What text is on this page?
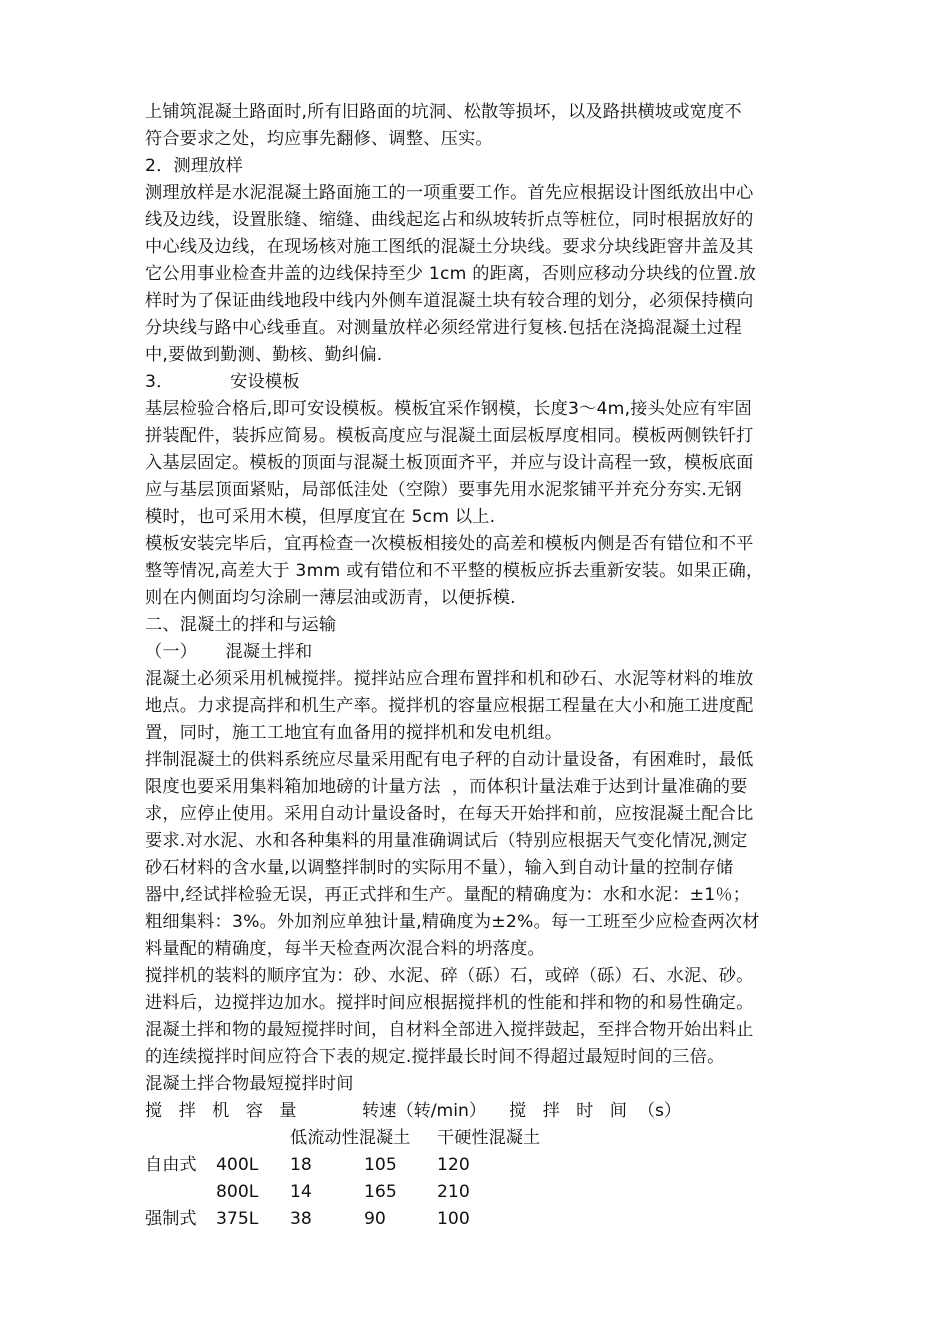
上铺筑混凝土路面时,所有旧路面的坑洞、松散等损坏，以及路拱横坡或宽度不
符合要求之处，均应事先翻修、调整、压实。
2．测理放样
测理放样是水泥混凝土路面施工的一项重要工作。首先应根据设计图纸放出中心
线及边线，设置胀缝、缩缝、曲线起迄占和纵坡转折点等桩位，同时根据放好的
中心线及边线，在现场核对施工图纸的混凝土分块线。要求分块线距窨井盖及其
它公用事业检查井盖的边线保持至少 1cm 的距离，否则应移动分块线的位置.放
样时为了保证曲线地段中线内外侧车道混凝土块有较合理的划分，必须保持横向
分块线与路中心线垂直。对测量放样必须经常进行复核.包括在浇捣混凝土过程
中,要做到勤测、勤核、勤纠偏.
3．          安设模板
基层检验合格后,即可安设模板。模板宜采作钢模，长度3～4m,接头处应有牢固
拼装配件，装拆应简易。模板高度应与混凝土面层板厚度相同。模板两侧铁钎打
入基层固定。模板的顶面与混凝土板顶面齐平，并应与设计高程一致，模板底面
应与基层顶面紧贴，局部低洼处（空隙）要事先用水泥浆铺平并充分夯实.无钢
模时，也可采用木模，但厚度宜在 5cm 以上.
模板安装完毕后，宜再检查一次模板相接处的高差和模板内侧是否有错位和不平
整等情况,高差大于 3mm 或有错位和不平整的模板应拆去重新安装。如果正确，
则在内侧面均匀涂刷一薄层油或沥青，以便拆模.
二、混凝土的拌和与运输
（一）     混凝土拌和
混凝土必须采用机械搅拌。搅拌站应合理布置拌和机和砂石、水泥等材料的堆放
地点。力求提高拌和机生产率。搅拌机的容量应根据工程量在大小和施工进度配
置，同时，施工工地宜有血备用的搅拌机和发电机组。
拌制混凝土的供料系统应尽量采用配有电子秤的自动计量设备，有困难时，最低
限度也要采用集料箱加地磅的计量方法  ，而体积计量法难于达到计量准确的要
求，应停止使用。采用自动计量设备时，在每天开始拌和前，应按混凝土配合比
要求.对水泥、水和各种集料的用量准确调试后（特别应根据天气变化情况,测定
砂石材料的含水量,以调整拌制时的实际用不量），输入到自动计量的控制存储
器中,经试拌检验无误，再正式拌和生产。量配的精确度为：水和水泥：±1％；
粗细集料：3%。外加剂应单独计量,精确度为±2%。每一工班至少应检查两次材
料量配的精确度，每半天检查两次混合料的坍落度。
搅拌机的装料的顺序宜为：砂、水泥、碎（砾）石，或碎（砾）石、水泥、砂。
进料后，边搅拌边加水。搅拌时间应根据搅拌机的性能和拌和物的和易性确定。
混凝土拌和物的最短搅拌时间，自材料全部进入搅拌鼓起，至拌合物开始出料止
的连续搅拌时间应符合下表的规定.搅拌最长时间不得超过最短时间的三倍。
混凝土拌合物最短搅拌时间
搅   拌   机   容   量	转速（转/min） 搅   拌   时   间  （s）
低流动性混凝土 干硬性混凝土
自由式 400L 18	105 120
800L 14	165 210
强制式 375L 38	90	100
